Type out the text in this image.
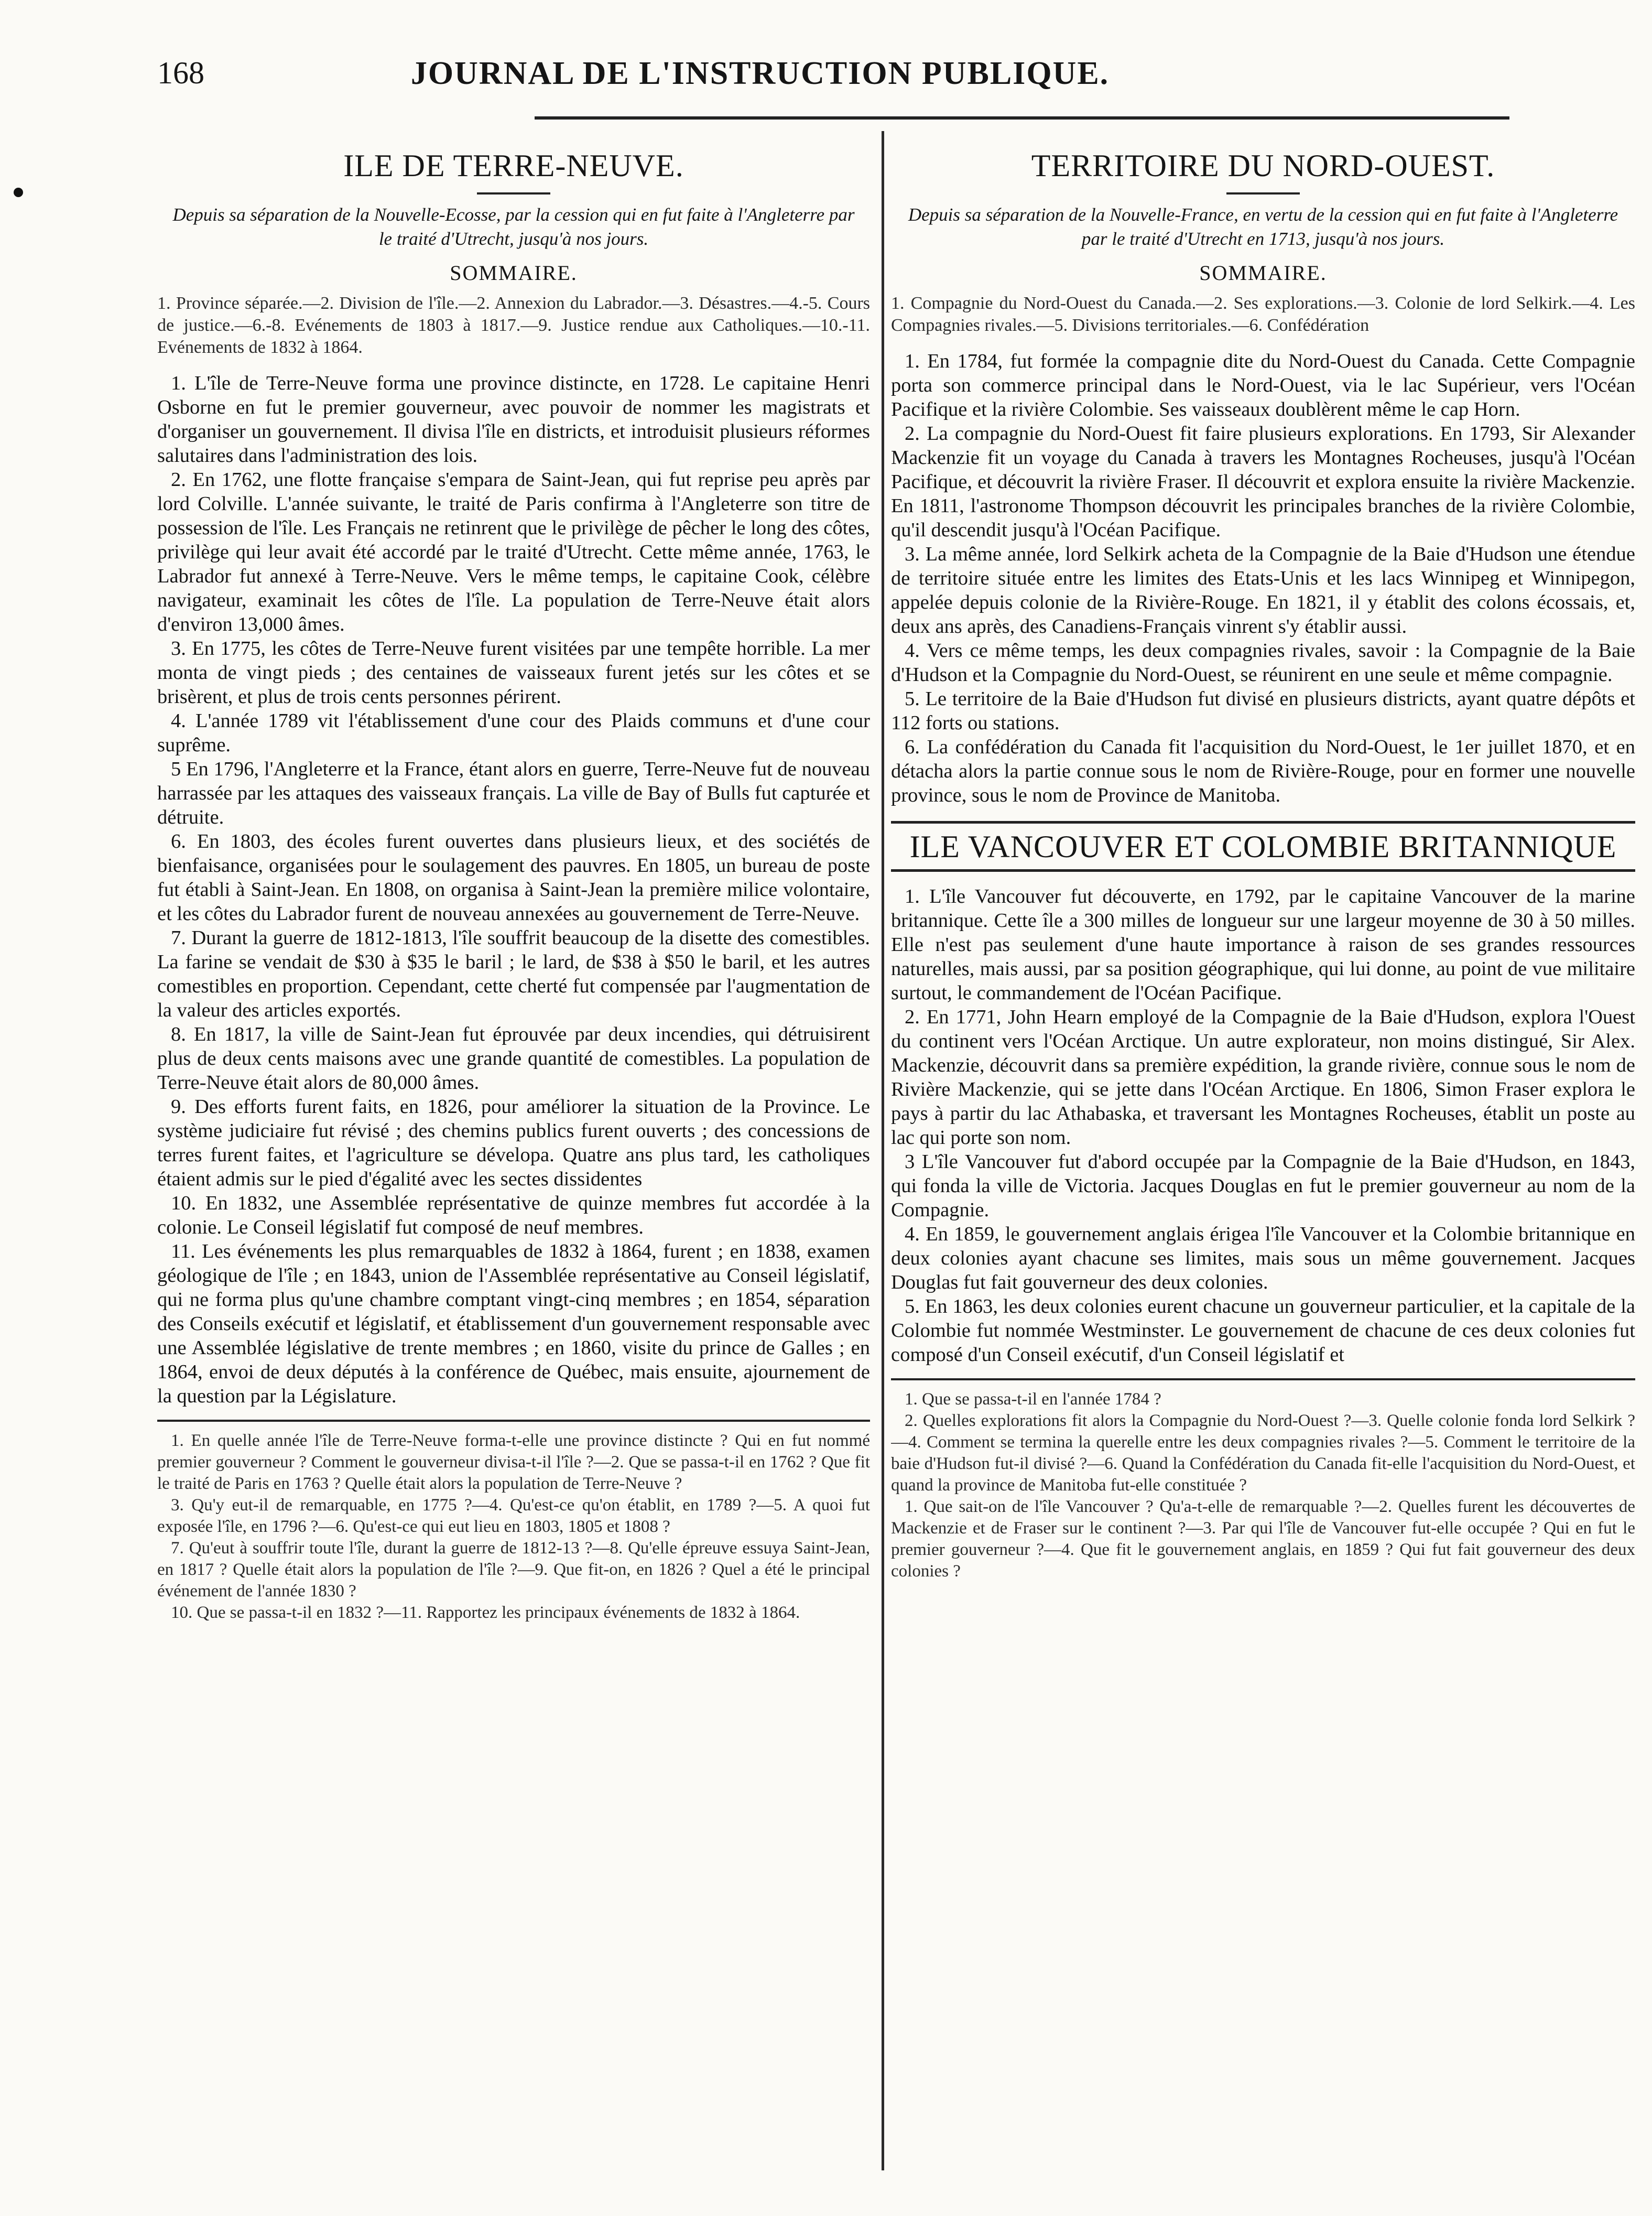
168	JOURNAL DE L'INSTRUCTION PUBLIQUE.
ILE DE TERRE-NEUVE.
Depuis sa séparation de la Nouvelle-Ecosse, par la cession qui en fut faite à l'Angleterre par le traité d'Utrecht, jusqu'à nos jours.
SOMMAIRE.
1. Province séparée.—2. Division de l'île.—2. Annexion du Labrador.—3. Désastres.—4.-5. Cours de justice.—6.-8. Evénements de 1803 à 1817.—9. Justice rendue aux Catholiques.—10.-11. Evénements de 1832 à 1864.

1. L'île de Terre-Neuve forma une province distincte, en 1728. Le capitaine Henri Osborne en fut le premier gouverneur, avec pouvoir de nommer les magistrats et d'organiser un gouvernement. Il divisa l'île en districts, et introduisit plusieurs réformes salutaires dans l'administration des lois.

2. En 1762, une flotte française s'empara de Saint-Jean, qui fut reprise peu après par lord Colville. L'année suivante, le traité de Paris confirma à l'Angleterre son titre de possession de l'île. Les Français ne retinrent que le privilège de pêcher le long des côtes, privilège qui leur avait été accordé par le traité d'Utrecht. Cette même année, 1763, le Labrador fut annexé à Terre-Neuve. Vers le même temps, le capitaine Cook, célèbre navigateur, examinait les côtes de l'île. La population de Terre-Neuve était alors d'environ 13,000 âmes.

3. En 1775, les côtes de Terre-Neuve furent visitées par une tempête horrible. La mer monta de vingt pieds ; des centaines de vaisseaux furent jetés sur les côtes et se brisèrent, et plus de trois cents personnes périrent.

4. L'année 1789 vit l'établissement d'une cour des Plaids communs et d'une cour suprême.

5 En 1796, l'Angleterre et la France, étant alors en guerre, Terre-Neuve fut de nouveau harrassée par les attaques des vaisseaux français. La ville de Bay of Bulls fut capturée et détruite.

6. En 1803, des écoles furent ouvertes dans plusieurs lieux, et des sociétés de bienfaisance, organisées pour le soulagement des pauvres. En 1805, un bureau de poste fut établi à Saint-Jean. En 1808, on organisa à Saint-Jean la première milice volontaire, et les côtes du Labrador furent de nouveau annexées au gouvernement de Terre-Neuve.

7. Durant la guerre de 1812-1813, l'île souffrit beaucoup de la disette des comestibles. La farine se vendait de $30 à $35 le baril ; le lard, de $38 à $50 le baril, et les autres comestibles en proportion. Cependant, cette cherté fut compensée par l'augmentation de la valeur des articles exportés.

8. En 1817, la ville de Saint-Jean fut éprouvée par deux incendies, qui détruisirent plus de deux cents maisons avec une grande quantité de comestibles. La population de Terre-Neuve était alors de 80,000 âmes.

9. Des efforts furent faits, en 1826, pour améliorer la situation de la Province. Le système judiciaire fut révisé ; des chemins publics furent ouverts ; des concessions de terres furent faites, et l'agriculture se dévelopa. Quatre ans plus tard, les catholiques étaient admis sur le pied d'égalité avec les sectes dissidentes

10. En 1832, une Assemblée représentative de quinze membres fut accordée à la colonie. Le Conseil législatif fut composé de neuf membres.

11. Les événements les plus remarquables de 1832 à 1864, furent ; en 1838, examen géologique de l'île ; en 1843, union de l'Assemblée représentative au Conseil législatif, qui ne forma plus qu'une chambre comptant vingt-cinq membres ; en 1854, séparation des Conseils exécutif et législatif, et établissement d'un gouvernement responsable avec une Assemblée législative de trente membres ; en 1860, visite du prince de Galles ; en 1864, envoi de deux députés à la conférence de Québec, mais ensuite, ajournement de la question par la Législature.

1. En quelle année l'île de Terre-Neuve forma-t-elle une province distincte ? Qui en fut nommé premier gouverneur ? Comment le gouverneur divisa-t-il l'île ?—2. Que se passa-t-il en 1762 ? Que fit le traité de Paris en 1763 ? Quelle était alors la population de Terre-Neuve ?

3. Qu'y eut-il de remarquable, en 1775 ?—4. Qu'est-ce qu'on établit, en 1789 ?—5. A quoi fut exposée l'île, en 1796 ?—6. Qu'est-ce qui eut lieu en 1803, 1805 et 1808 ?

7. Qu'eut à souffrir toute l'île, durant la guerre de 1812-13 ?—8. Qu'elle épreuve essuya Saint-Jean, en 1817 ? Quelle était alors la population de l'île ?—9. Que fit-on, en 1826 ? Quel a été le principal événement de l'année 1830 ?

10. Que se passa-t-il en 1832 ?—11. Rapportez les principaux événements de 1832 à 1864.

TERRITOIRE DU NORD-OUEST.
Depuis sa séparation de la Nouvelle-France, en vertu de la cession qui en fut faite à l'Angleterre par le traité d'Utrecht en 1713, jusqu'à nos jours.
SOMMAIRE.
1. Compagnie du Nord-Ouest du Canada.—2. Ses explorations.—3. Colonie de lord Selkirk.—4. Les Compagnies rivales.—5. Divisions territoriales.—6. Confédération

1. En 1784, fut formée la compagnie dite du Nord-Ouest du Canada. Cette Compagnie porta son commerce principal dans le Nord-Ouest, via le lac Supérieur, vers l'Océan Pacifique et la rivière Colombie. Ses vaisseaux doublèrent même le cap Horn.

2. La compagnie du Nord-Ouest fit faire plusieurs explorations. En 1793, Sir Alexander Mackenzie fit un voyage du Canada à travers les Montagnes Rocheuses, jusqu'à l'Océan Pacifique, et découvrit la rivière Fraser. Il découvrit et explora ensuite la rivière Mackenzie. En 1811, l'astronome Thompson découvrit les principales branches de la rivière Colombie, qu'il descendit jusqu'à l'Océan Pacifique.

3. La même année, lord Selkirk acheta de la Compagnie de la Baie d'Hudson une étendue de territoire située entre les limites des Etats-Unis et les lacs Winnipeg et Winnipegon, appelée depuis colonie de la Rivière-Rouge. En 1821, il y établit des colons écossais, et, deux ans après, des Canadiens-Français vinrent s'y établir aussi.

4. Vers ce même temps, les deux compagnies rivales, savoir : la Compagnie de la Baie d'Hudson et la Compagnie du Nord-Ouest, se réunirent en une seule et même compagnie.

5. Le territoire de la Baie d'Hudson fut divisé en plusieurs districts, ayant quatre dépôts et 112 forts ou stations.

6. La confédération du Canada fit l'acquisition du Nord-Ouest, le 1er juillet 1870, et en détacha alors la partie connue sous le nom de Rivière-Rouge, pour en former une nouvelle province, sous le nom de Province de Manitoba.

ILE VANCOUVER ET COLOMBIE BRITANNIQUE

1. L'île Vancouver fut découverte, en 1792, par le capitaine Vancouver de la marine britannique. Cette île a 300 milles de longueur sur une largeur moyenne de 30 à 50 milles. Elle n'est pas seulement d'une haute importance à raison de ses grandes ressources naturelles, mais aussi, par sa position géographique, qui lui donne, au point de vue militaire surtout, le commandement de l'Océan Pacifique.

2. En 1771, John Hearn employé de la Compagnie de la Baie d'Hudson, explora l'Ouest du continent vers l'Océan Arctique. Un autre explorateur, non moins distingué, Sir Alex. Mackenzie, découvrit dans sa première expédition, la grande rivière, connue sous le nom de Rivière Mackenzie, qui se jette dans l'Océan Arctique. En 1806, Simon Fraser explora le pays à partir du lac Athabaska, et traversant les Montagnes Rocheuses, établit un poste au lac qui porte son nom.

3 L'île Vancouver fut d'abord occupée par la Compagnie de la Baie d'Hudson, en 1843, qui fonda la ville de Victoria. Jacques Douglas en fut le premier gouverneur au nom de la Compagnie.

4. En 1859, le gouvernement anglais érigea l'île Vancouver et la Colombie britannique en deux colonies ayant chacune ses limites, mais sous un même gouvernement. Jacques Douglas fut fait gouverneur des deux colonies.

5. En 1863, les deux colonies eurent chacune un gouverneur particulier, et la capitale de la Colombie fut nommée Westminster. Le gouvernement de chacune de ces deux colonies fut composé d'un Conseil exécutif, d'un Conseil législatif et

1. Que se passa-t-il en l'année 1784 ?

2. Quelles explorations fit alors la Compagnie du Nord-Ouest ?—3. Quelle colonie fonda lord Selkirk ?—4. Comment se termina la querelle entre les deux compagnies rivales ?—5. Comment le territoire de la baie d'Hudson fut-il divisé ?—6. Quand la Confédération du Canada fit-elle l'acquisition du Nord-Ouest, et quand la province de Manitoba fut-elle constituée ?

1. Que sait-on de l'île Vancouver ? Qu'a-t-elle de remarquable ?—2. Quelles furent les découvertes de Mackenzie et de Fraser sur le continent ?—3. Par qui l'île de Vancouver fut-elle occupée ? Qui en fut le premier gouverneur ?—4. Que fit le gouvernement anglais, en 1859 ? Qui fut fait gouverneur des deux colonies ?
